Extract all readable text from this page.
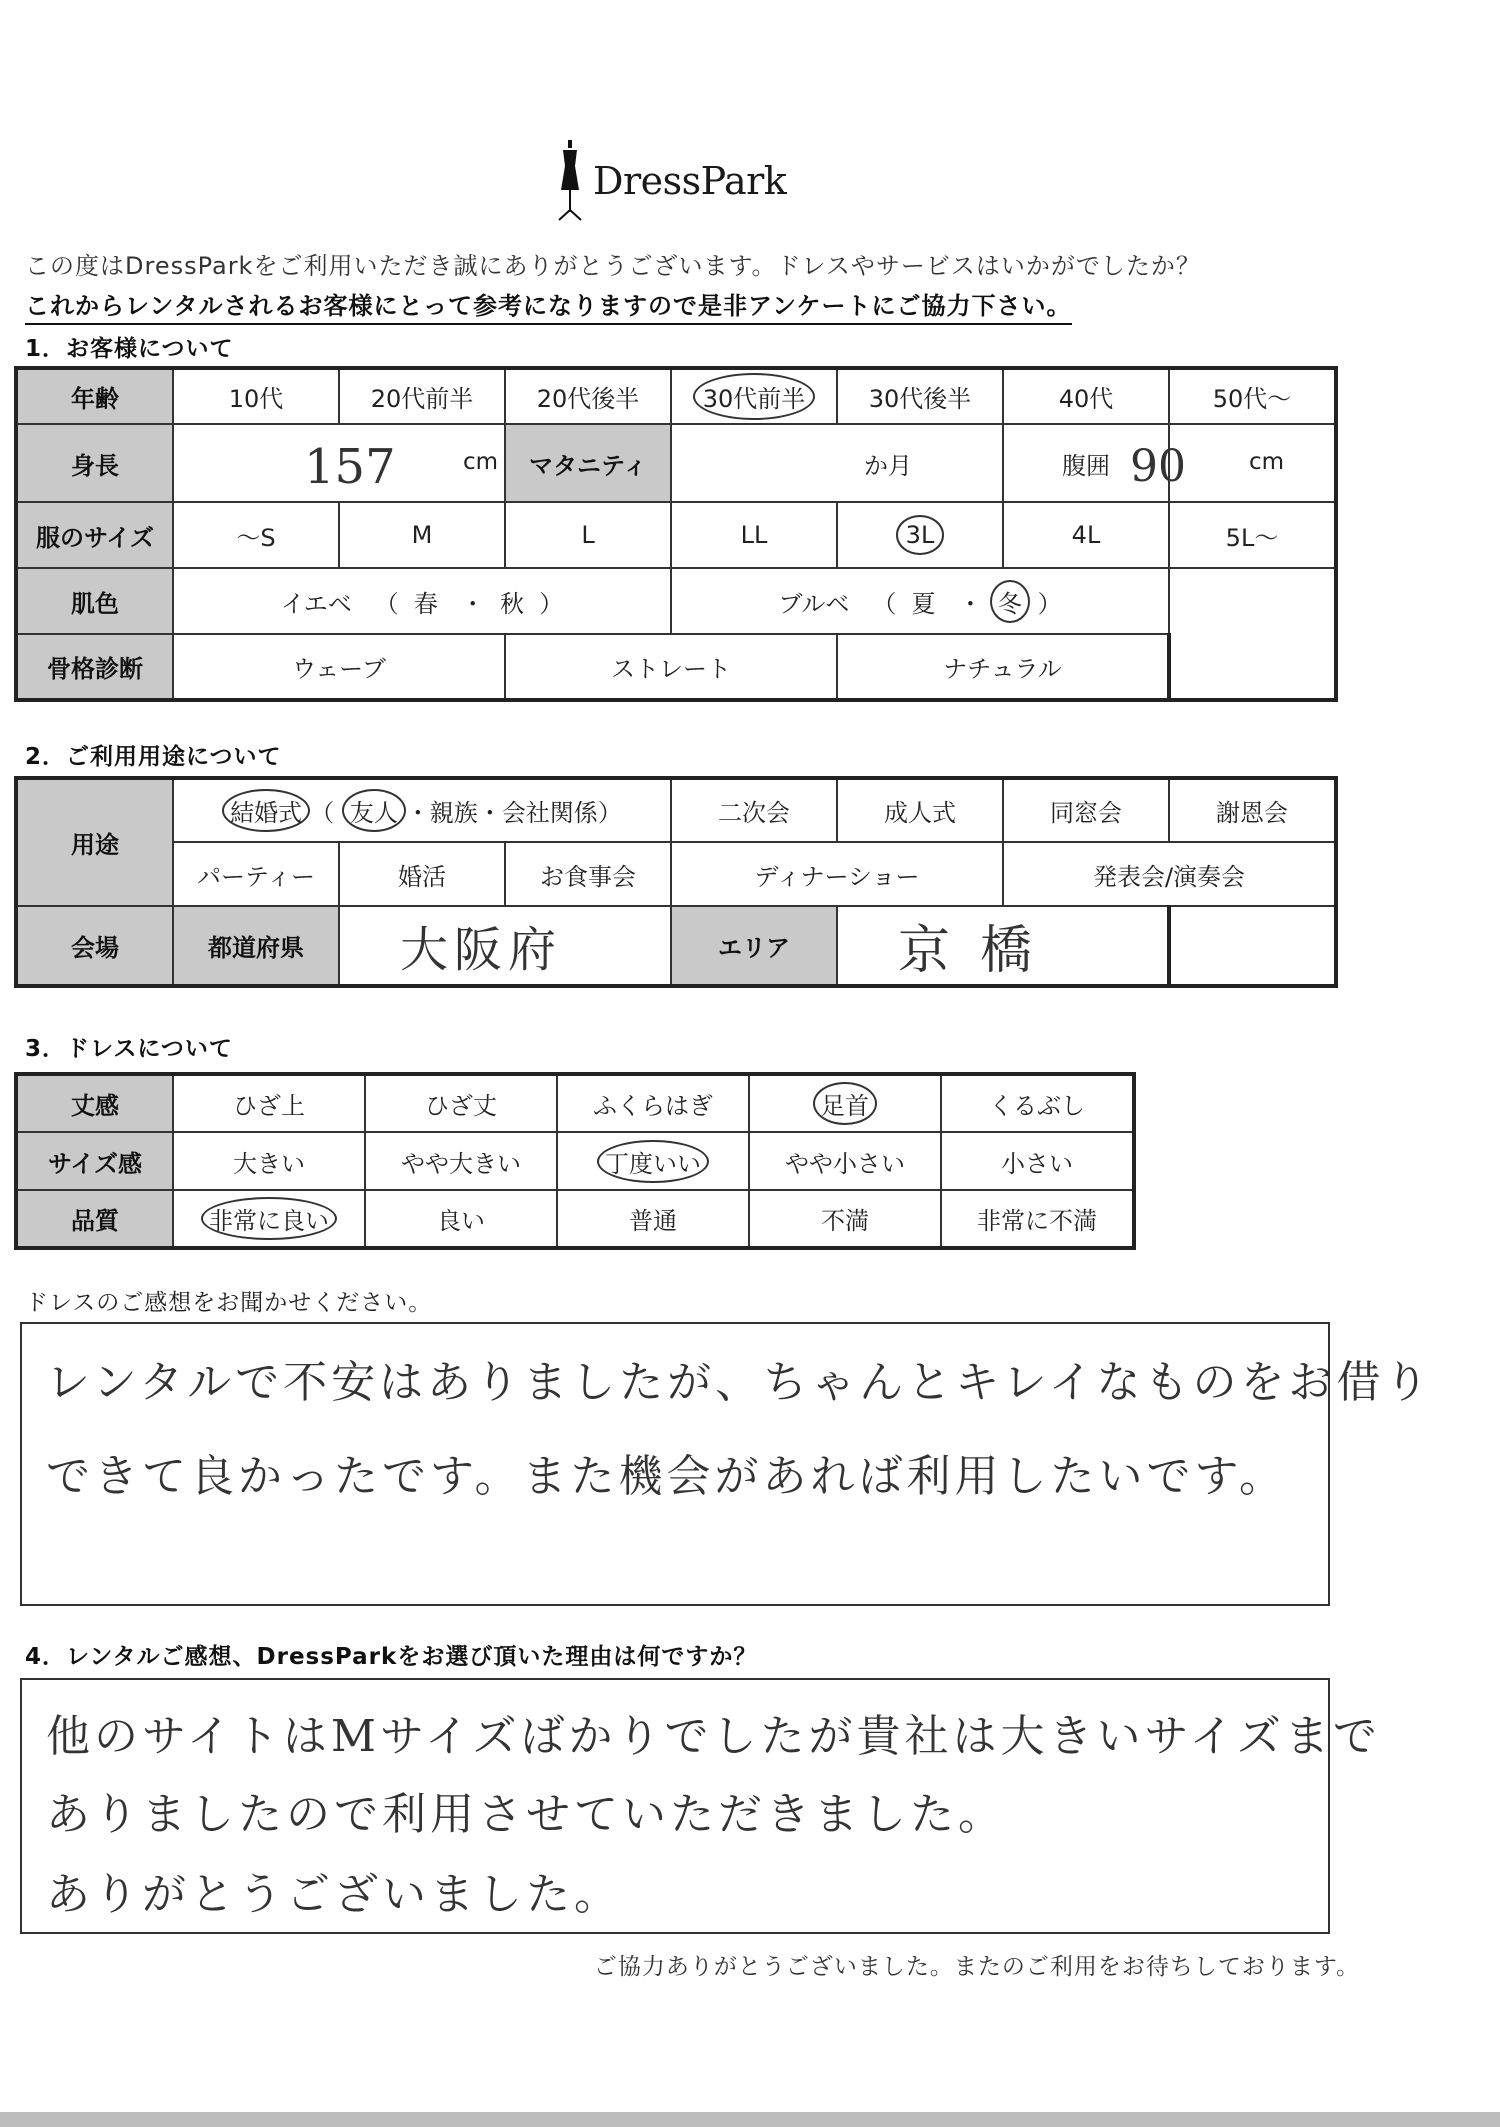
DressPark
この度はDressParkをご利用いただき誠にありがとうございます。ドレスやサービスはいかがでしたか？
これからレンタルされるお客様にとって参考になりますので是非アンケートにご協力下さい。
1．お客様について
年齢	10代	20代前半	20代後半	30代前半	30代後半	40代	50代～
身長	157 cm		マタニティ	か月		腹囲	90 cm

服のサイズ	～S	M	L	LL	3L	4L	5L～
肌色	イエベ   （  春   ・  秋  ）			ブルベ   （  夏   ・ 冬 ）			
骨格診断	ウェーブ		ストレート		ナチュラル		
2．ご利用用途について
用途	結婚式 （ 友人 ・親族・会社関係）			二次会	成人式	同窓会	謝恩会
	パーティー	婚活	お食事会	ディナーショー		発表会/演奏会	
会場	都道府県	大阪府		エリア	京橋		
3．ドレスについて
丈感	ひざ上	ひざ丈	ふくらはぎ	足首	くるぶし
サイズ感	大きい	やや大きい	丁度いい	やや小さい	小さい
品質	非常に良い	良い	普通	不満	非常に不満
ドレスのご感想をお聞かせください。
レンタルで不安はありましたが、ちゃんとキレイなものをお借り
できて良かったです。また機会があれば利用したいです。
4．レンタルご感想、DressParkをお選び頂いた理由は何ですか？
他のサイトはMサイズばかりでしたが貴社は大きいサイズまで
ありましたので利用させていただきました。
ありがとうございました。
ご協力ありがとうございました。またのご利用をお待ちしております。
